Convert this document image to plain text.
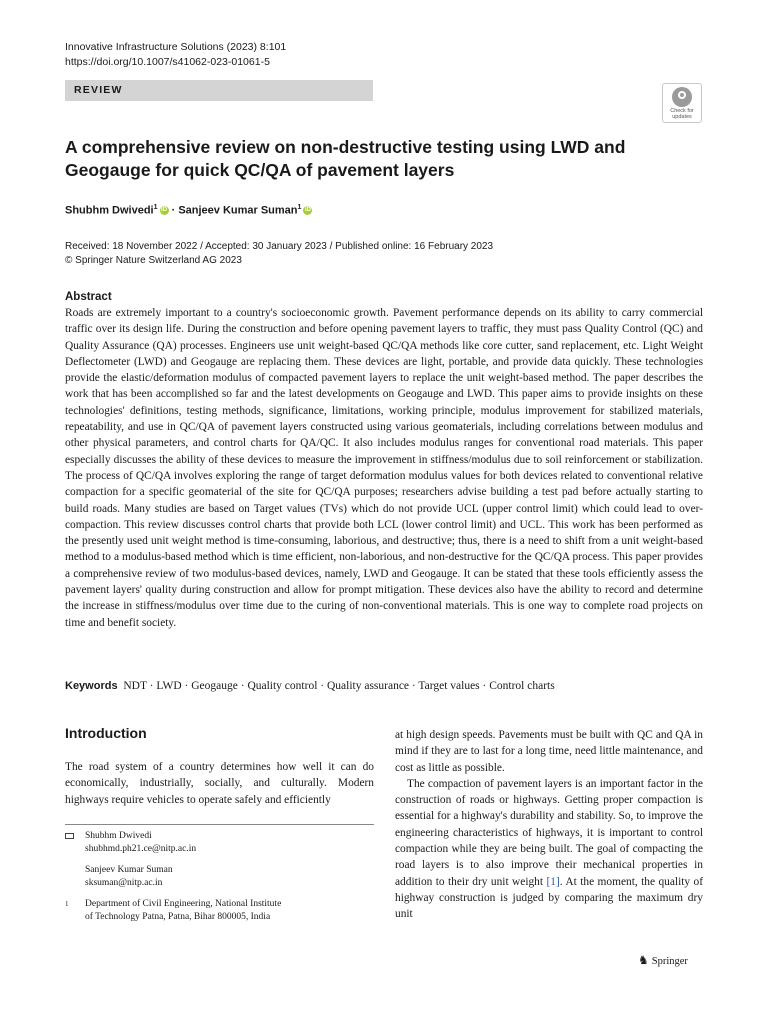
Innovative Infrastructure Solutions (2023) 8:101
https://doi.org/10.1007/s41062-023-01061-5
REVIEW
Check for
updates
A comprehensive review on non-destructive testing using LWD and Geogauge for quick QC/QA of pavement layers
Shubhm Dwivedi$^1$ iD · Sanjeev Kumar Suman$^1$ iD
Received: 18 November 2022 / Accepted: 30 January 2023 / Published online: 16 February 2023
© Springer Nature Switzerland AG 2023
Abstract

Roads are extremely important to a country's socioeconomic growth. Pavement performance depends on its ability to carry commercial traffic over its design life. During the construction and before opening pavement layers to traffic, they must pass Quality Control (QC) and Quality Assurance (QA) processes. Engineers use unit weight-based QC/QA methods like core cutter, sand replacement, etc. Light Weight Deflectometer (LWD) and Geogauge are replacing them. These devices are light, portable, and provide data quickly. These technologies provide the elastic/deformation modulus of compacted pavement layers to replace the unit weight-based method. The paper describes the work that has been accomplished so far and the latest developments on Geogauge and LWD. This paper aims to provide insights on these technologies' definitions, testing methods, significance, limitations, working principle, modulus improvement for stabilized materials, repeatability, and use in QC/QA of pavement layers constructed using various geomaterials, including correlations between modulus and other physical parameters, and control charts for QA/QC. It also includes modulus ranges for conventional road materials. This paper especially discusses the ability of these devices to measure the improvement in stiffness/modulus due to soil reinforcement or stabilization. The process of QC/QA involves exploring the range of target deformation modulus values for both devices related to conventional relative compaction for a specific geomaterial of the site for QC/QA purposes; researchers advise building a test pad before actually starting to build roads. Many studies are based on Target values (TVs) which do not provide UCL (upper control limit) which could lead to over-compaction. This review discusses control charts that provide both LCL (lower control limit) and UCL. This work has been performed as the presently used unit weight method is time-consuming, laborious, and destructive; thus, there is a need to shift from a unit weight-based method to a modulus-based method which is time efficient, non-laborious, and non-destructive for the QC/QA process. This paper provides a comprehensive review of two modulus-based devices, namely, LWD and Geogauge. It can be stated that these tools efficiently assess the pavement layers' quality during construction and allow for prompt mitigation. These devices also have the ability to record and determine the increase in stiffness/modulus over time due to the curing of non-conventional materials. This is one way to complete road projects on time and benefit society.

Keywords NDT · LWD · Geogauge · Quality control · Quality assurance · Target values · Control charts
Introduction

The road system of a country determines how well it can do economically, industrially, socially, and culturally. Modern highways require vehicles to operate safely and efficiently

at high design speeds. Pavements must be built with QC and QA in mind if they are to last for a long time, need little maintenance, and cost as little as possible.

The compaction of pavement layers is an important factor in the construction of roads or highways. Getting proper compaction is essential for a highway's durability and stability. So, to improve the engineering characteristics of highways, it is important to control compaction while they are being built. The goal of compacting the road layers is to also improve their mechanical properties in addition to their dry unit weight [1]. At the moment, the quality of highway construction is judged by comparing the maximum dry unit

Shubhm Dwivedi
shubhmd.ph21.ce@nitp.ac.in
Sanjeev Kumar Suman
sksuman@nitp.ac.in
1	Department of Civil Engineering, National Institute
of Technology Patna, Patna, Bihar 800005, India
♞ Springer
